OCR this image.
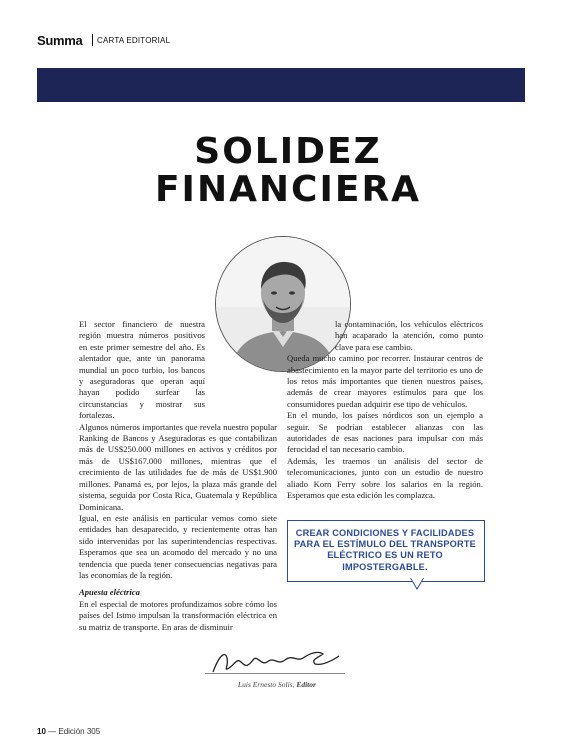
Summa CARTA EDITORIAL
SOLIDEZ
FINANCIERA

El sector financiero de nuestra región muestra números positivos en este primer semestre del año. Es alentador que, ante un panorama mundial un poco turbio, los bancos y aseguradoras que operan aquí hayan podido surfear las circunstancias y mostrar sus fortalezas.

Algunos números importantes que revela nuestro popular Ranking de Bancos y Aseguradoras es que contabilizan más de US$250.000 millones en activos y créditos por más de US$167.000 millones, mientras que el crecimiento de las utilidades fue de más de US$1.900 millones. Panamá es, por lejos, la plaza más grande del sistema, seguida por Costa Rica, Guatemala y República Dominicana.

Igual, en este análisis en particular vemos como siete entidades han desaparecido, y recientemente otras han sido intervenidas por las superintendencias respectivas. Esperamos que sea un acomodo del mercado y no una tendencia que pueda tener consecuencias negativas para las economías de la región.

Apuesta eléctrica

En el especial de motores profundizamos sobre cómo los países del Istmo impulsan la transformación eléctrica en su matriz de transporte. En aras de disminuir

la contaminación, los vehículos eléctricos han acaparado la atención, como punto clave para ese cambio.

Queda mucho camino por recorrer. Instaurar centros de abastecimiento en la mayor parte del territorio es uno de los retos más importantes que tienen nuestros países, además de crear mayores estímulos para que los consumidores puedan adquirir ese tipo de vehículos.

En el mundo, los países nórdicos son un ejemplo a seguir. Se podrían establecer alianzas con las autoridades de esas naciones para impulsar con más ferocidad el tan necesario cambio.

Además, les traemos un análisis del sector de telecomunicaciones, junto con un estudio de nuestro aliado Korn Ferry sobre los salarios en la región. Esperamos que esta edición les complazca.

CREAR CONDICIONES Y FACILIDADES PARA EL ESTÍMULO DEL TRANSPORTE ELÉCTRICO ES UN RETO IMPOSTERGABLE.
Luis Ernesto Solís, Editor
10 — Edición 305
